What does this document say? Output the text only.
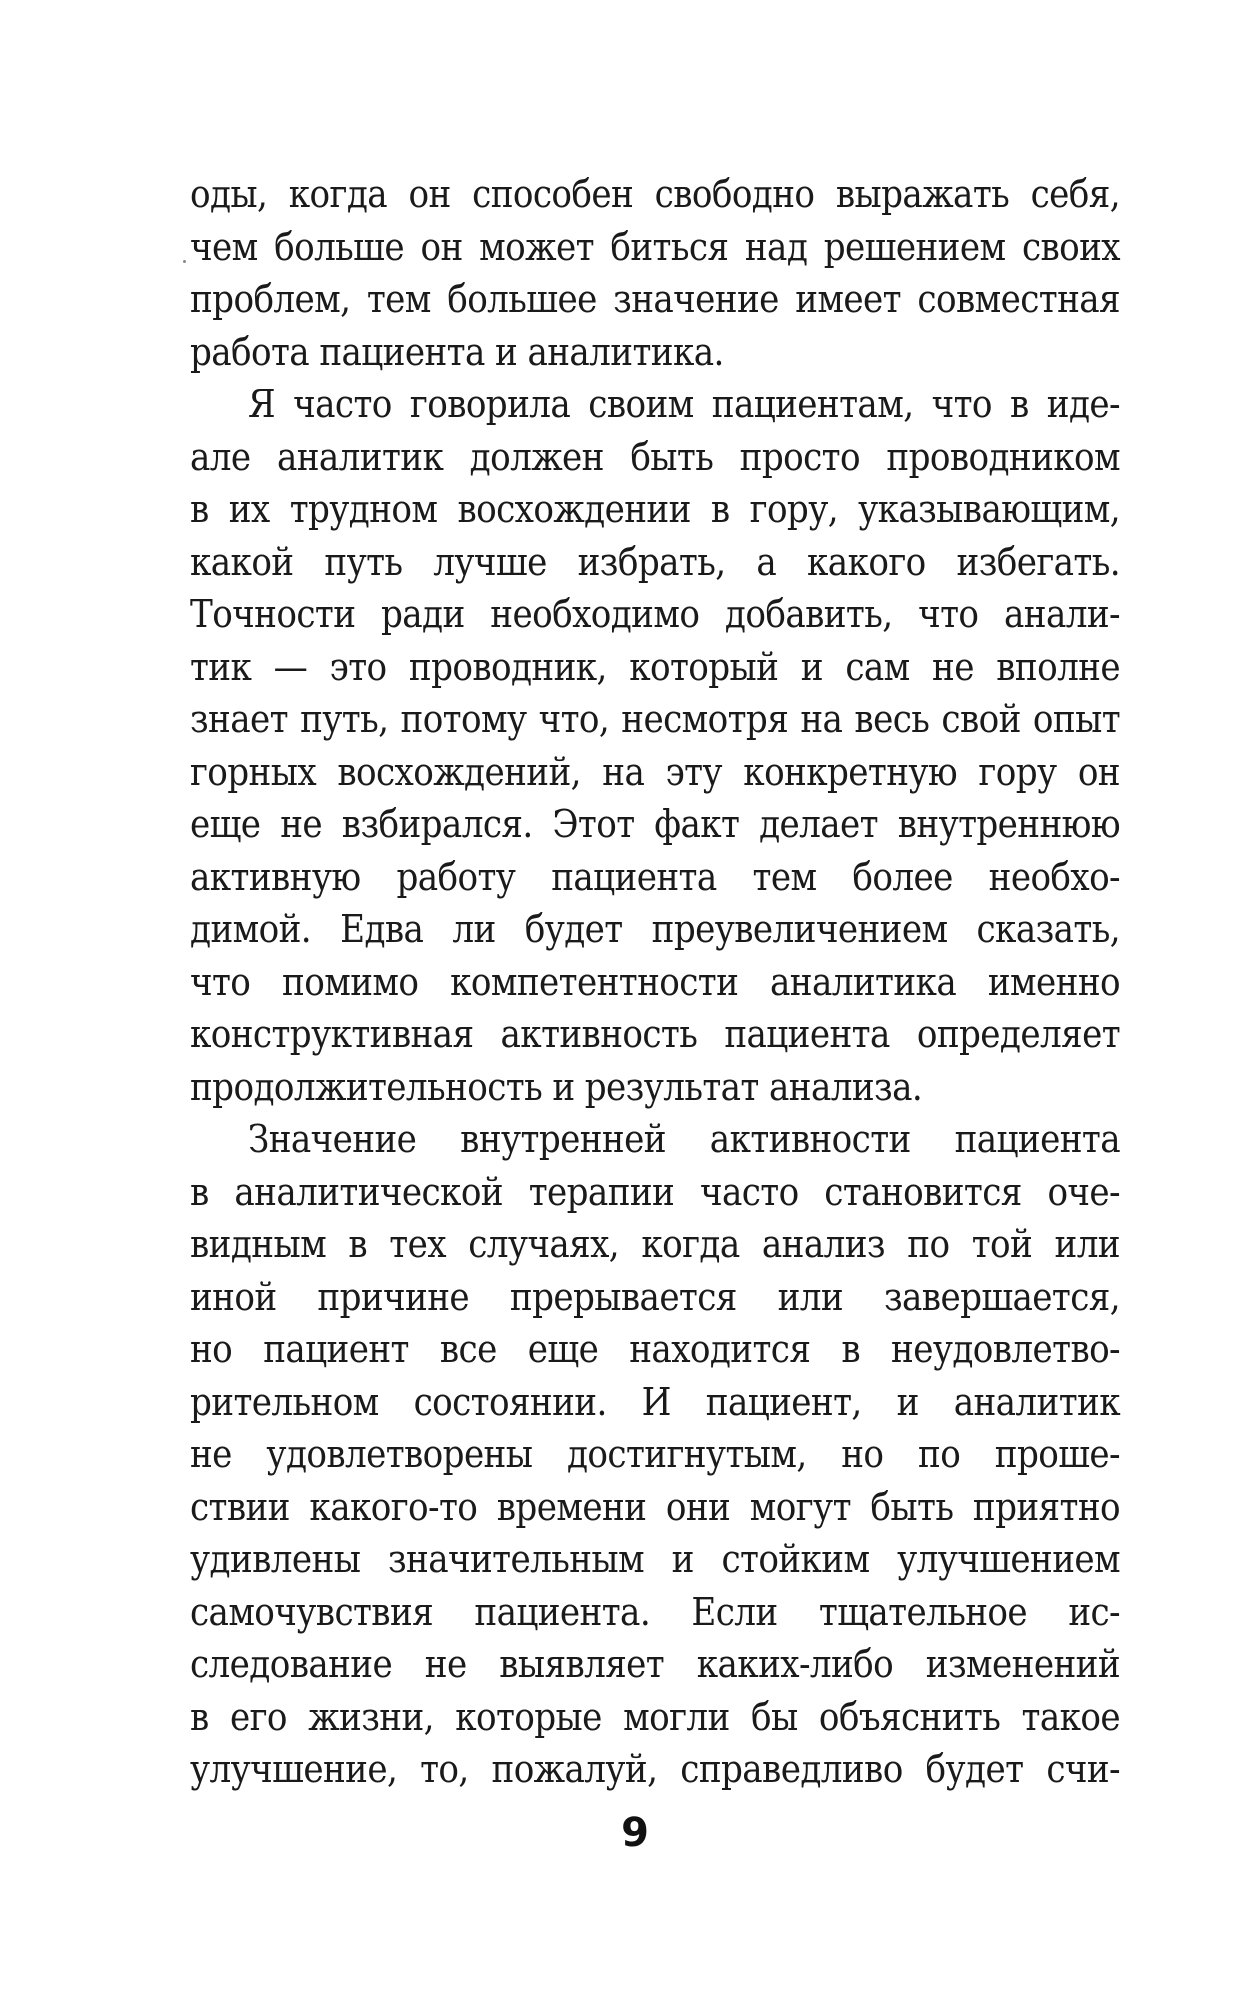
оды, когда он способен свободно выражать себя,
чем больше он может биться над решением своих
проблем, тем большее значение имеет совместная
работа пациента и аналитика.
Я часто говорила своим пациентам, что в иде-
але аналитик должен быть просто проводником
в их трудном восхождении в гору, указывающим,
какой путь лучше избрать, а какого избегать.
Точности ради необходимо добавить, что анали-
тик — это проводник, который и сам не вполне
знает путь, потому что, несмотря на весь свой опыт
горных восхождений, на эту конкретную гору он
еще не взбирался. Этот факт делает внутреннюю
активную работу пациента тем более необхо-
димой. Едва ли будет преувеличением сказать,
что помимо компетентности аналитика именно
конструктивная активность пациента определяет
продолжительность и результат анализа.
Значение внутренней активности пациента
в аналитической терапии часто становится оче-
видным в тех случаях, когда анализ по той или
иной причине прерывается или завершается,
но пациент все еще находится в неудовлетво-
рительном состоянии. И пациент, и аналитик
не удовлетворены достигнутым, но по проше-
ствии какого-то времени они могут быть приятно
удивлены значительным и стойким улучшением
самочувствия пациента. Если тщательное ис-
следование не выявляет каких-либо изменений
в его жизни, которые могли бы объяснить такое
улучшение, то, пожалуй, справедливо будет счи-
9
